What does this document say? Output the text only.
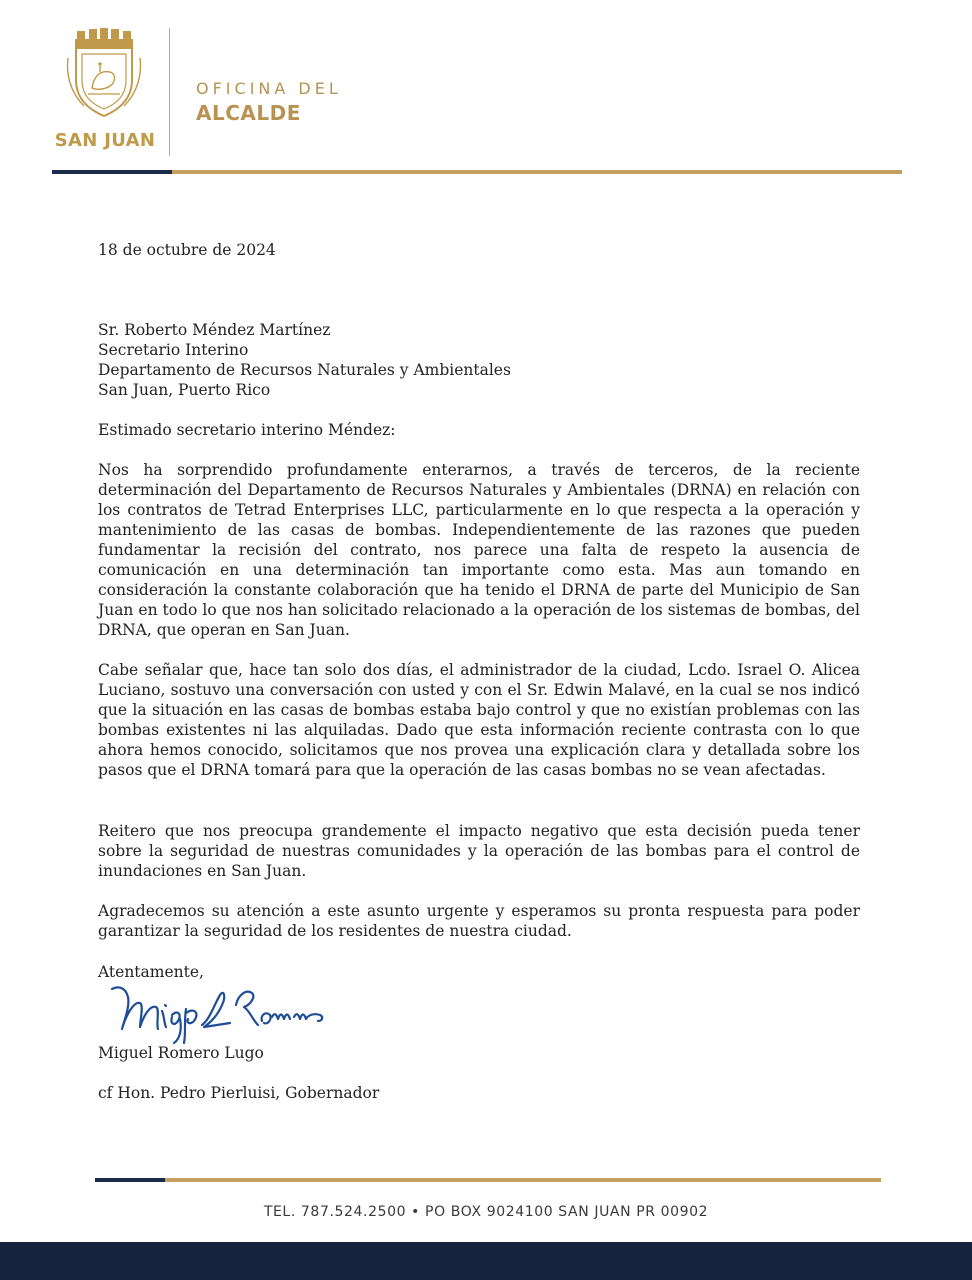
SAN JUAN
OFICINA DEL
ALCALDE

18 de octubre de 2024

Sr. Roberto Méndez Martínez
Secretario Interino
Departamento de Recursos Naturales y Ambientales
San Juan, Puerto Rico

Estimado secretario interino Méndez:

Nos ha sorprendido profundamente enterarnos, a través de terceros, de la reciente determinación del Departamento de Recursos Naturales y Ambientales (DRNA) en relación con los contratos de Tetrad Enterprises LLC, particularmente en lo que respecta a la operación y mantenimiento de las casas de bombas. Independientemente de las razones que pueden fundamentar la recisión del contrato, nos parece una falta de respeto la ausencia de comunicación en una determinación tan importante como esta. Mas aun tomando en consideración la constante colaboración que ha tenido el DRNA de parte del Municipio de San Juan en todo lo que nos han solicitado relacionado a la operación de los sistemas de bombas, del DRNA, que operan en San Juan.

Cabe señalar que, hace tan solo dos días, el administrador de la ciudad, Lcdo. Israel O. Alicea Luciano, sostuvo una conversación con usted y con el Sr. Edwin Malavé, en la cual se nos indicó que la situación en las casas de bombas estaba bajo control y que no existían problemas con las bombas existentes ni las alquiladas. Dado que esta información reciente contrasta con lo que ahora hemos conocido, solicitamos que nos provea una explicación clara y detallada sobre los pasos que el DRNA tomará para que la operación de las casas bombas no se vean afectadas.

Reitero que nos preocupa grandemente el impacto negativo que esta decisión pueda tener sobre la seguridad de nuestras comunidades y la operación de las bombas para el control de inundaciones en San Juan.

Agradecemos su atención a este asunto urgente y esperamos su pronta respuesta para poder garantizar la seguridad de los residentes de nuestra ciudad.

Atentamente,

Miguel Romero Lugo

cf Hon. Pedro Pierluisi, Gobernador

TEL. 787.524.2500 • PO BOX 9024100 SAN JUAN PR 00902
